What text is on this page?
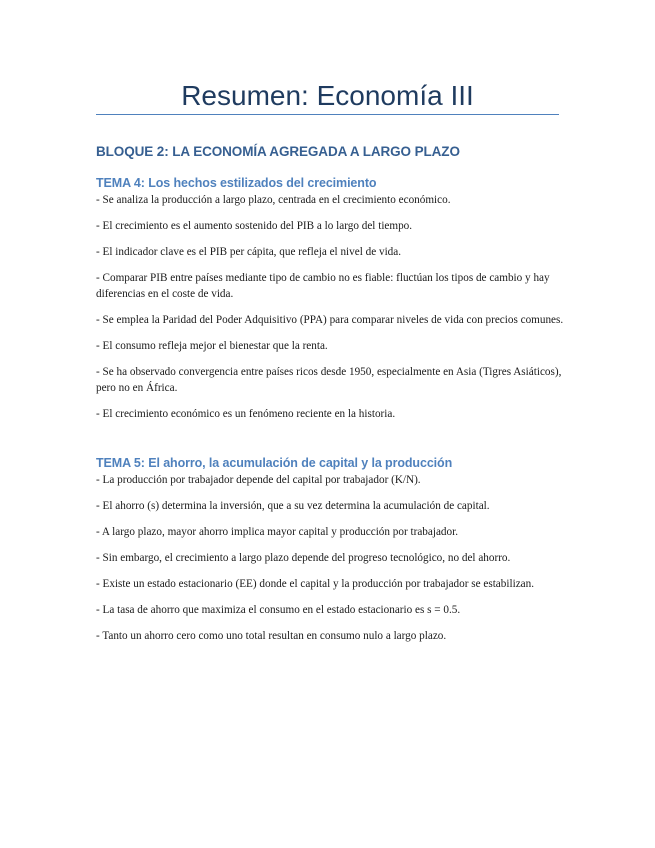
Resumen: Economía III
BLOQUE 2: LA ECONOMÍA AGREGADA A LARGO PLAZO
TEMA 4: Los hechos estilizados del crecimiento

- Se analiza la producción a largo plazo, centrada en el crecimiento económico.

- El crecimiento es el aumento sostenido del PIB a lo largo del tiempo.

- El indicador clave es el PIB per cápita, que refleja el nivel de vida.

- Comparar PIB entre países mediante tipo de cambio no es fiable: fluctúan los tipos de cambio y hay diferencias en el coste de vida.

- Se emplea la Paridad del Poder Adquisitivo (PPA) para comparar niveles de vida con precios comunes.

- El consumo refleja mejor el bienestar que la renta.

- Se ha observado convergencia entre países ricos desde 1950, especialmente en Asia (Tigres Asiáticos), pero no en África.

- El crecimiento económico es un fenómeno reciente en la historia.

TEMA 5: El ahorro, la acumulación de capital y la producción

- La producción por trabajador depende del capital por trabajador (K/N).

- El ahorro (s) determina la inversión, que a su vez determina la acumulación de capital.

- A largo plazo, mayor ahorro implica mayor capital y producción por trabajador.

- Sin embargo, el crecimiento a largo plazo depende del progreso tecnológico, no del ahorro.

- Existe un estado estacionario (EE) donde el capital y la producción por trabajador se estabilizan.

- La tasa de ahorro que maximiza el consumo en el estado estacionario es s = 0.5.

- Tanto un ahorro cero como uno total resultan en consumo nulo a largo plazo.
